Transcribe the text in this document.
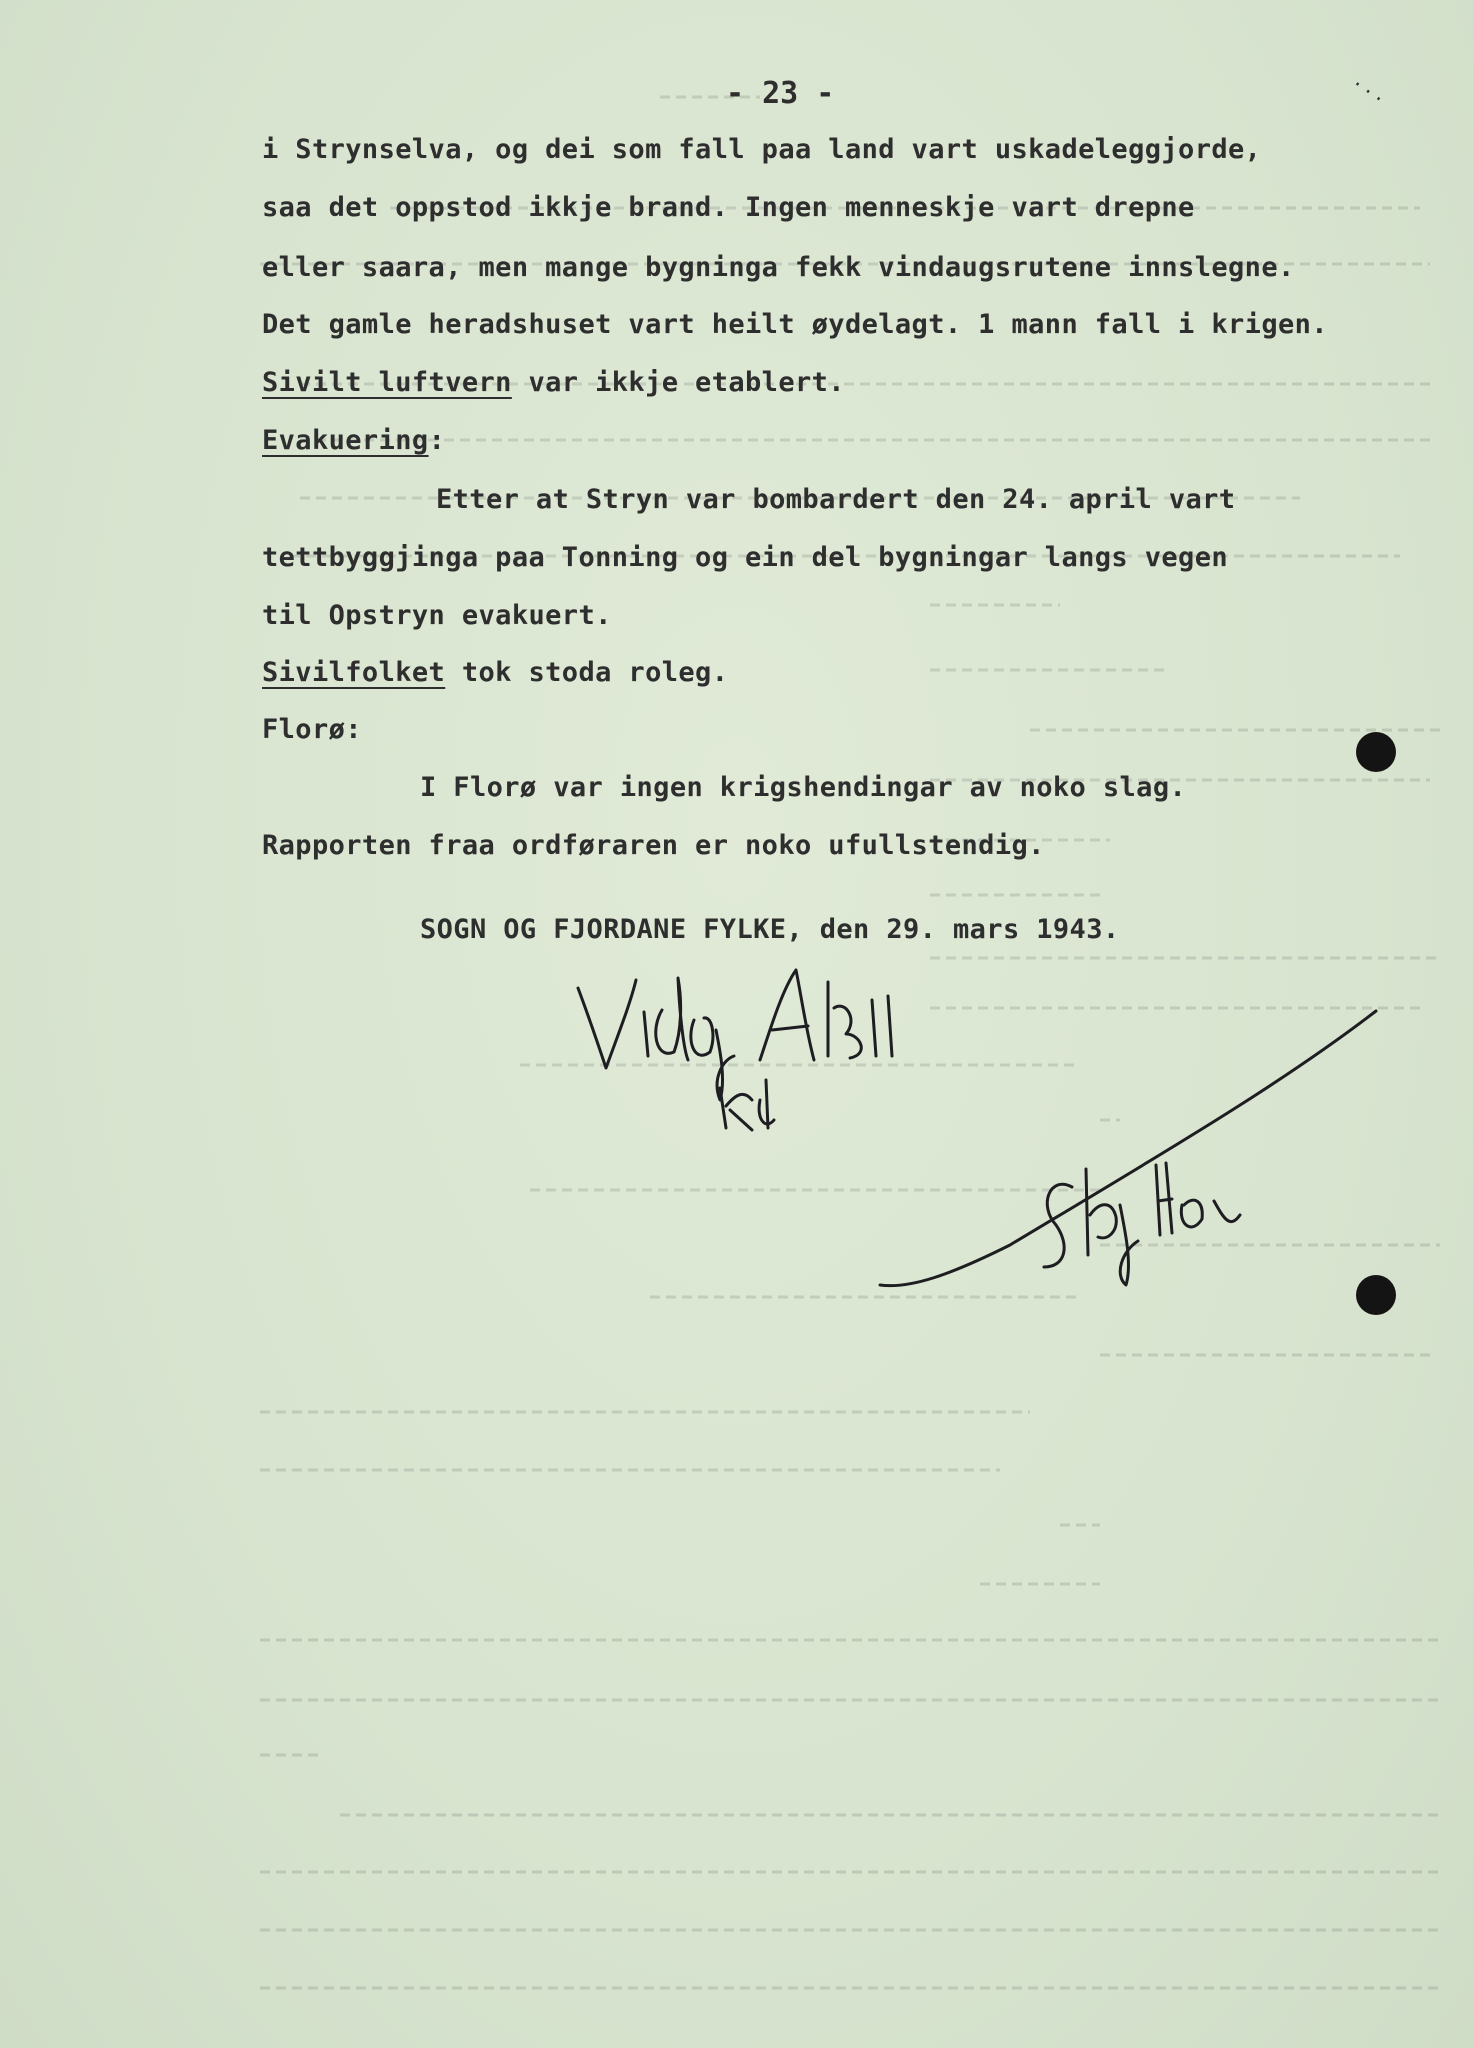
- 23 -	...
i Strynselva, og dei som fall paa land vart uskadeleggjorde,
saa det oppstod ikkje brand. Ingen menneskje vart drepne
eller saara, men mange bygninga fekk vindaugsrutene innslegne.
Det gamle heradshuset vart heilt øydelagt. 1 mann fall i krigen.
Sivilt luftvern var ikkje etablert.
Evakuering:
Etter at Stryn var bombardert den 24. april vart
tettbyggjinga paa Tonning og ein del bygningar langs vegen
til Opstryn evakuert.
Sivilfolket tok stoda roleg.
Florø:
I Florø var ingen krigshendingar av noko slag.
Rapporten fraa ordføraren er noko ufullstendig.
SOGN OG FJORDANE FYLKE, den 29. mars 1943.
